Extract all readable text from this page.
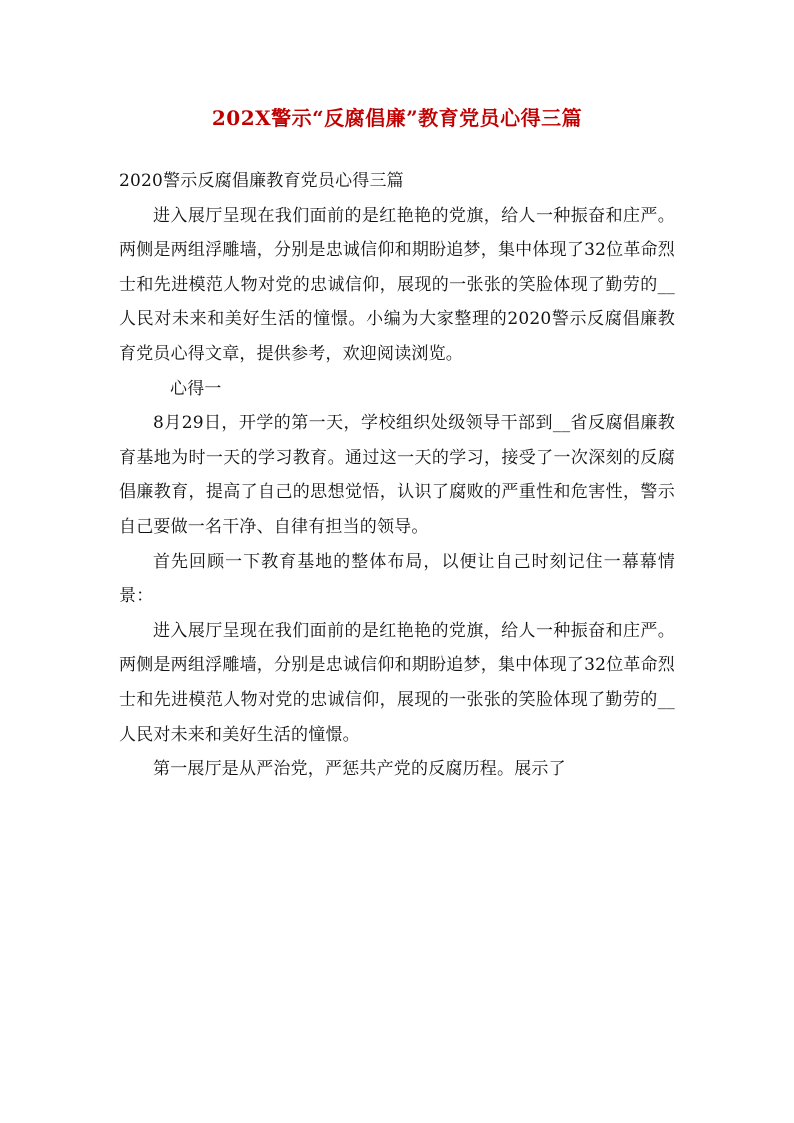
202X警示“反腐倡廉”教育党员心得三篇

2020警示反腐倡廉教育党员心得三篇

进入展厅呈现在我们面前的是红艳艳的党旗，给人一种振奋和庄严。两侧是两组浮雕墙，分别是忠诚信仰和期盼追梦，集中体现了32位革命烈士和先进模范人物对党的忠诚信仰，展现的一张张的笑脸体现了勤劳的__人民对未来和美好生活的憧憬。小编为大家整理的2020警示反腐倡廉教育党员心得文章，提供参考，欢迎阅读浏览。

心得一

8月29日，开学的第一天，学校组织处级领导干部到__省反腐倡廉教育基地为时一天的学习教育。通过这一天的学习，接受了一次深刻的反腐倡廉教育，提高了自己的思想觉悟，认识了腐败的严重性和危害性，警示自己要做一名干净、自律有担当的领导。

首先回顾一下教育基地的整体布局，以便让自己时刻记住一幕幕情景：

进入展厅呈现在我们面前的是红艳艳的党旗，给人一种振奋和庄严。两侧是两组浮雕墙，分别是忠诚信仰和期盼追梦，集中体现了32位革命烈士和先进模范人物对党的忠诚信仰，展现的一张张的笑脸体现了勤劳的__人民对未来和美好生活的憧憬。

第一展厅是从严治党，严惩共产党的反腐历程。展示了
